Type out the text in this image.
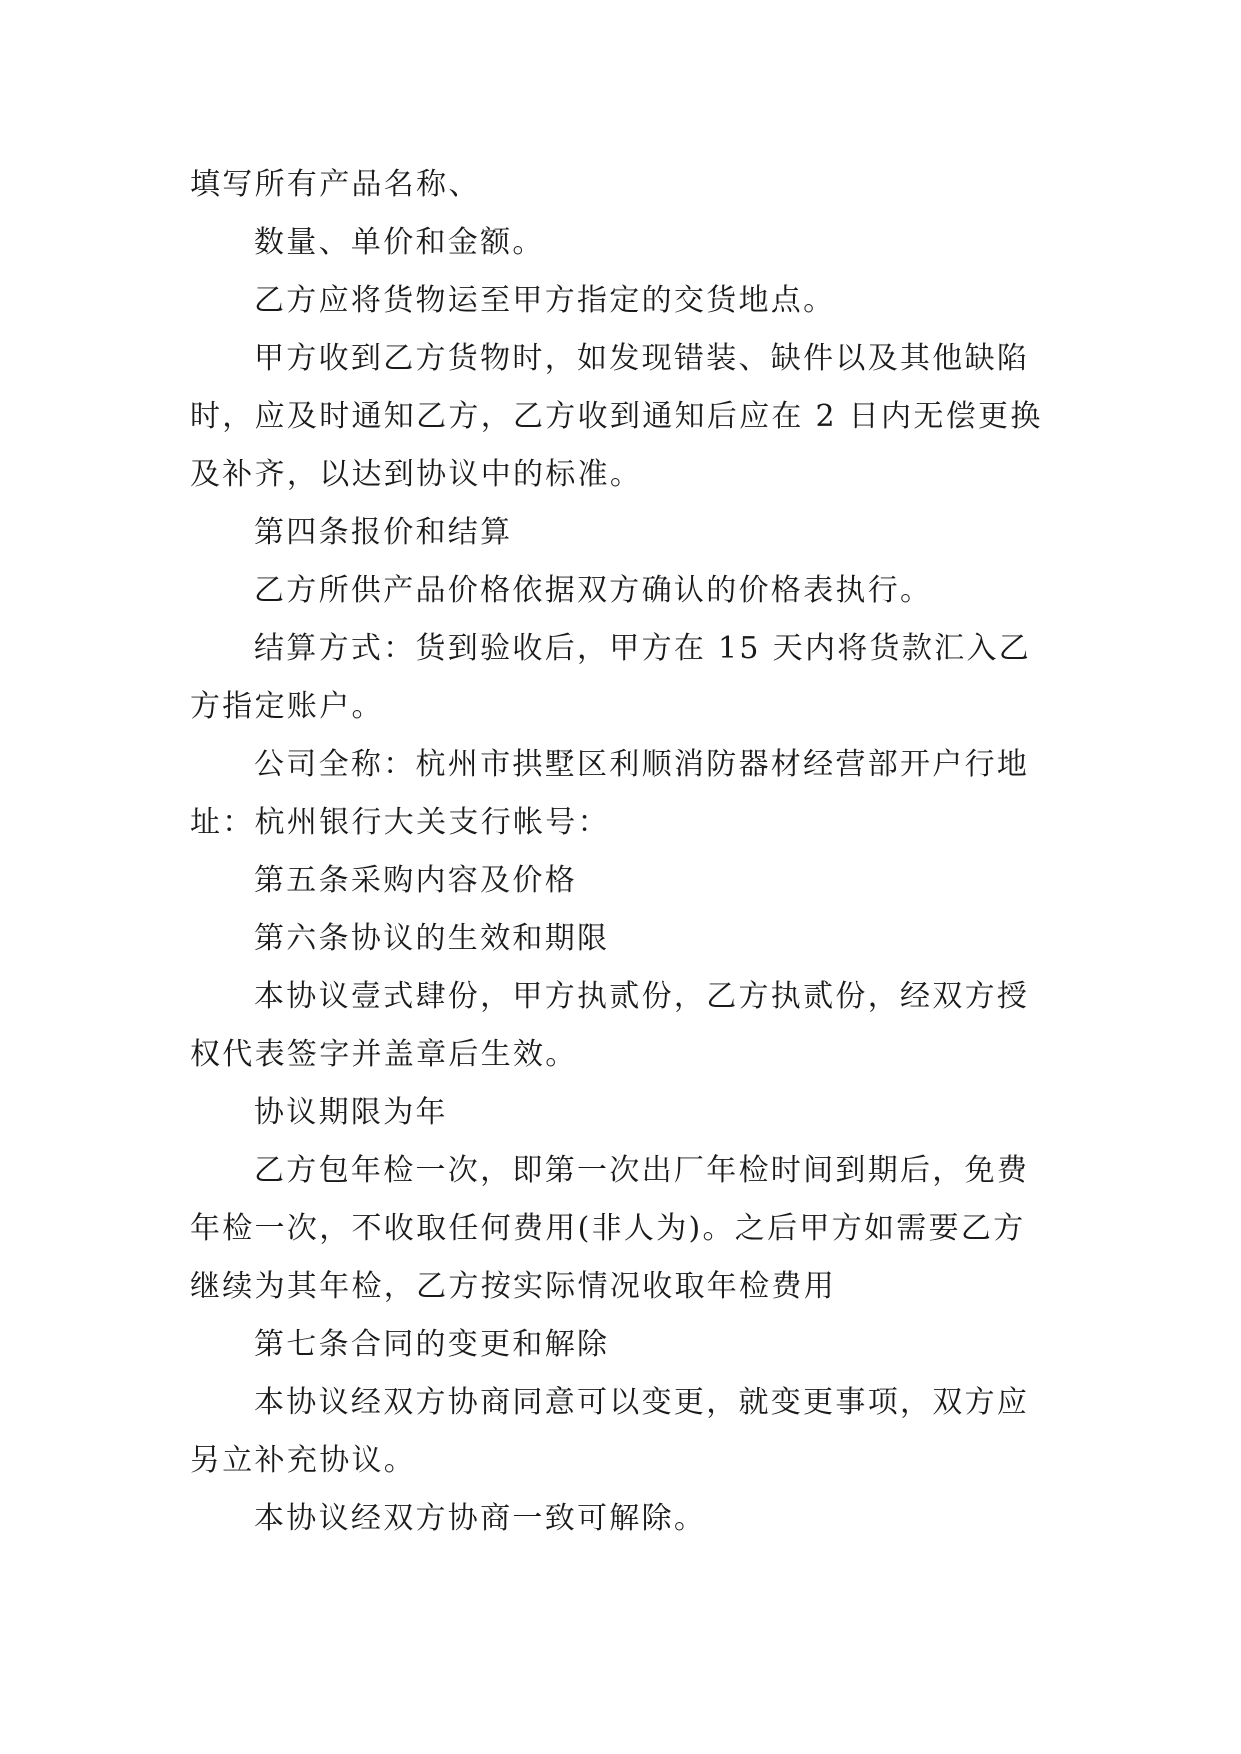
填写所有产品名称、

数量、单价和金额。

乙方应将货物运至甲方指定的交货地点。

甲方收到乙方货物时，如发现错装、缺件以及其他缺陷时，应及时通知乙方，乙方收到通知后应在 2 日内无偿更换及补齐，以达到协议中的标准。

第四条报价和结算

乙方所供产品价格依据双方确认的价格表执行。

结算方式：货到验收后，甲方在 15 天内将货款汇入乙方指定账户。

公司全称：杭州市拱墅区利顺消防器材经营部开户行地址：杭州银行大关支行帐号：

第五条采购内容及价格

第六条协议的生效和期限

本协议壹式肆份，甲方执贰份，乙方执贰份，经双方授权代表签字并盖章后生效。

协议期限为年

乙方包年检一次，即第一次出厂年检时间到期后，免费年检一次，不收取任何费用(非人为)。之后甲方如需要乙方继续为其年检，乙方按实际情况收取年检费用

第七条合同的变更和解除

本协议经双方协商同意可以变更，就变更事项，双方应另立补充协议。

本协议经双方协商一致可解除。
